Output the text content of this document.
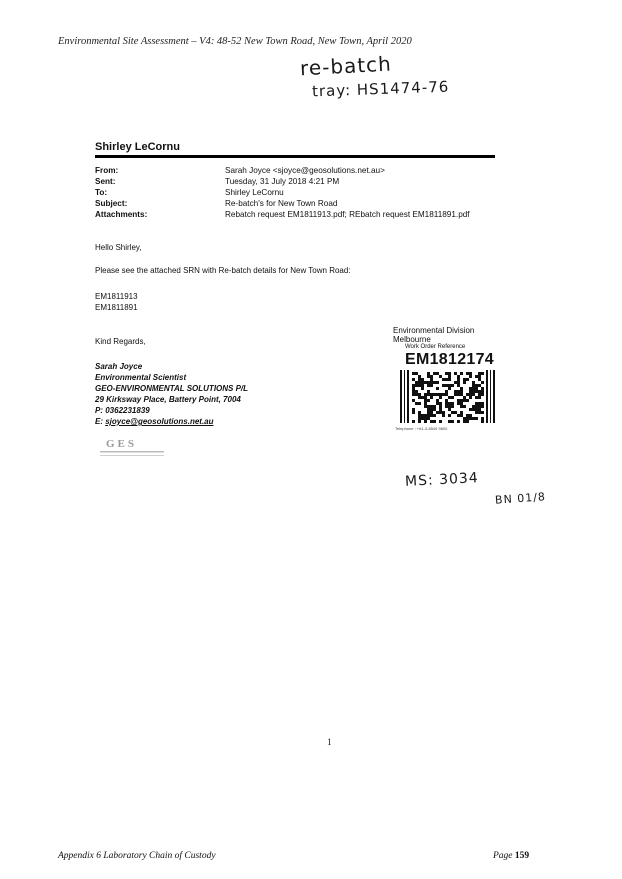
Environmental Site Assessment – V4: 48-52 New Town Road, New Town, April 2020
re-batch
tray: HS1474-76
Shirley LeCornu
From:	Sarah Joyce <sjoyce@geosolutions.net.au>
Sent:	Tuesday, 31 July 2018 4:21 PM
To:	Shirley LeCornu
Subject:	Re-batch's for New Town Road
Attachments:	Rebatch request EM1811913.pdf; REbatch request EM1811891.pdf
Hello Shirley,
Please see the attached SRN with Re-batch details for New Town Road:
EM1811913
EM1811891
Kind Regards,
Sarah Joyce
Environmental Scientist
GEO-ENVIRONMENTAL SOLUTIONS P/L
29 Kirksway Place, Battery Point, 7004
P: 0362231839
E: sjoyce@geosolutions.net.au
GES
Environmental Division
Melbourne
Work Order Reference
EM1812174
Telephone : +61-3-8549 9600
MS: 3034
BN 01/8
1
Appendix 6 Laboratory Chain of Custody	Page 159
